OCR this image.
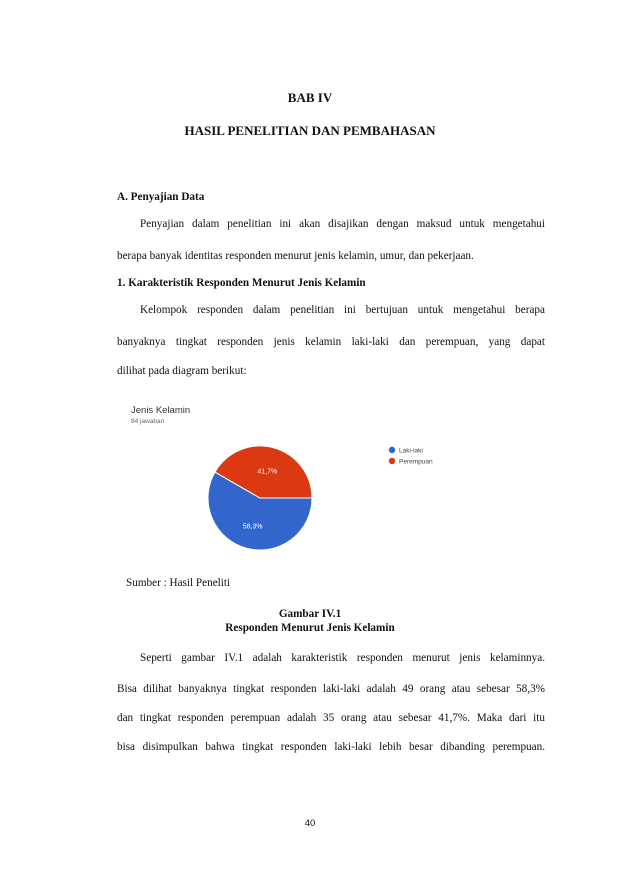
BAB IV
HASIL PENELITIAN DAN PEMBAHASAN
A. Penyajian Data
Penyajian dalam penelitian ini akan disajikan dengan maksud untuk mengetahui
berapa banyak identitas responden menurut jenis kelamin, umur, dan pekerjaan.
1. Karakteristik Responden Menurut Jenis Kelamin
Kelompok responden dalam penelitian ini bertujuan untuk mengetahui berapa
banyaknya tingkat responden jenis kelamin laki-laki dan perempuan, yang dapat
dilihat pada diagram berikut:
Jenis Kelamin
84 jawaban
58,3%
41,7%
Laki-laki
Perempuan
Sumber : Hasil Peneliti
Gambar IV.1
Responden Menurut Jenis Kelamin
Seperti gambar IV.1 adalah karakteristik responden menurut jenis kelaminnya.
Bisa dilihat banyaknya tingkat responden laki-laki adalah 49 orang atau sebesar 58,3%
dan tingkat responden perempuan adalah 35 orang atau sebesar 41,7%. Maka dari itu
bisa disimpulkan bahwa tingkat responden laki-laki lebih besar dibanding perempuan.
40
